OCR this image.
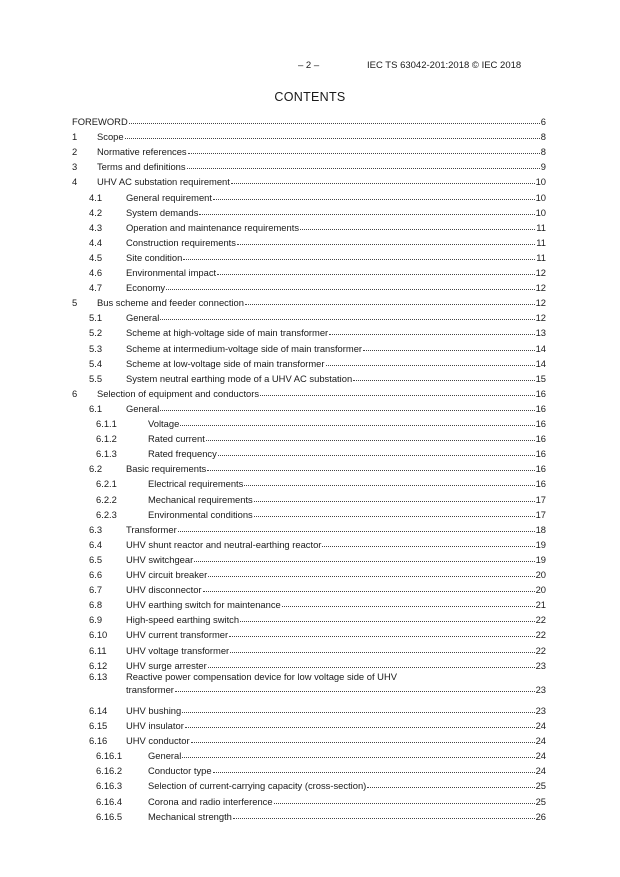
– 2 –	IEC TS 63042-201:2018 © IEC 2018
CONTENTS
FOREWORD	6
1	Scope	8
2	Normative references	8
3	Terms and definitions	9
4	UHV AC substation requirement	10
4.1	General requirement	10
4.2	System demands	10
4.3	Operation and maintenance requirements	11
4.4	Construction requirements	11
4.5	Site condition	11
4.6	Environmental impact	12
4.7	Economy	12
5	Bus scheme and feeder connection	12
5.1	General	12
5.2	Scheme at high-voltage side of main transformer	13
5.3	Scheme at intermedium-voltage side of main transformer	14
5.4	Scheme at low-voltage side of main transformer	14
5.5	System neutral earthing mode of a UHV AC substation	15
6	Selection of equipment and conductors	16
6.1	General	16
6.1.1	Voltage	16
6.1.2	Rated current	16
6.1.3	Rated frequency	16
6.2	Basic requirements	16
6.2.1	Electrical requirements	16
6.2.2	Mechanical requirements	17
6.2.3	Environmental conditions	17
6.3	Transformer	18
6.4	UHV shunt reactor and neutral-earthing reactor	19
6.5	UHV switchgear	19
6.6	UHV circuit breaker	20
6.7	UHV disconnector	20
6.8	UHV earthing switch for maintenance	21
6.9	High-speed earthing switch	22
6.10	UHV current transformer	22
6.11	UHV voltage transformer	22
6.12	UHV surge arrester	23
6.13	Reactive power compensation device for low voltage side of UHV
transformer	23
6.14	UHV bushing	23
6.15	UHV insulator	24
6.16	UHV conductor	24
6.16.1	General	24
6.16.2	Conductor type	24
6.16.3	Selection of current-carrying capacity (cross-section)	25
6.16.4	Corona and radio interference	25
6.16.5	Mechanical strength	26
